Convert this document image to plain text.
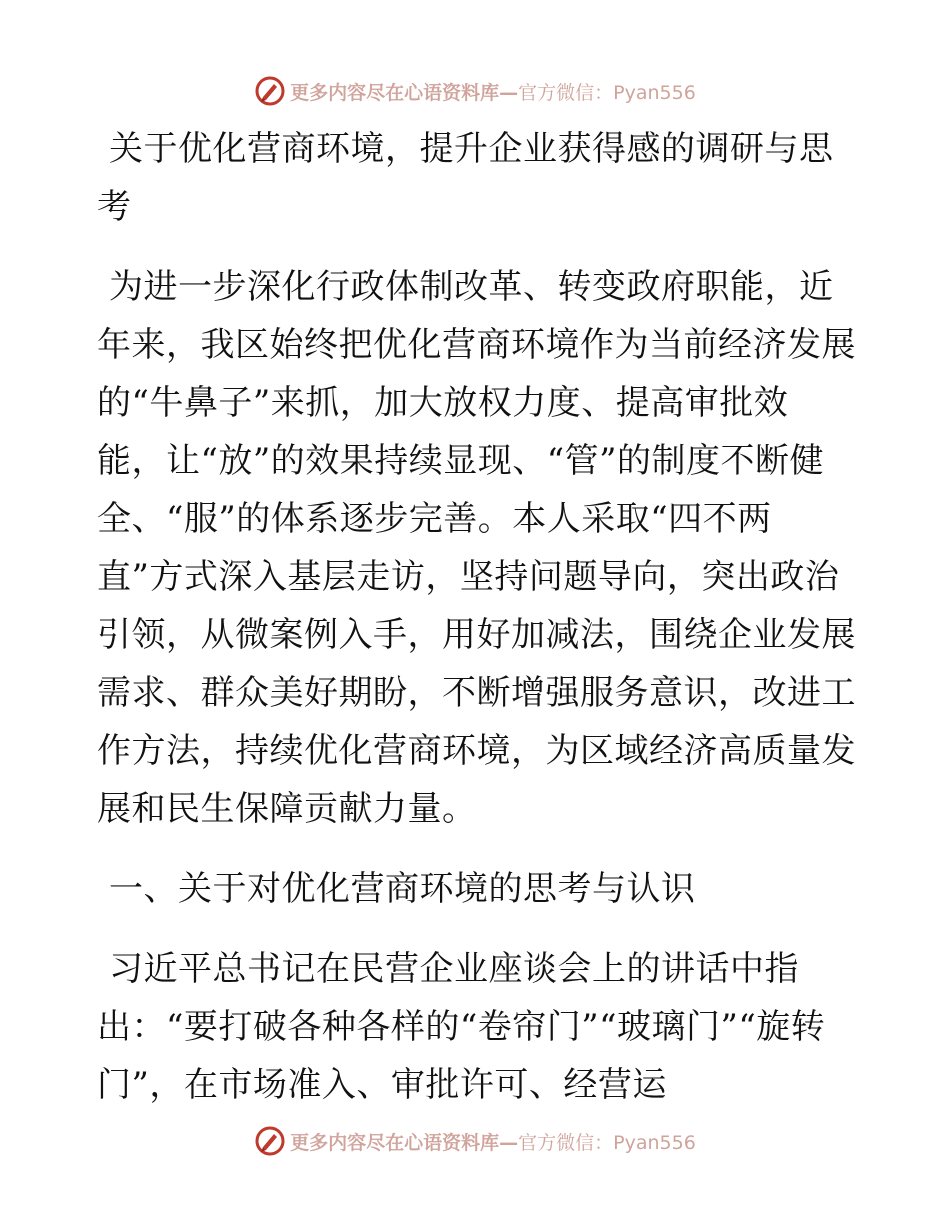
更多内容尽在心语资料库—官方微信：Pyan556

关于优化营商环境，提升企业获得感的调研与思考

为进一步深化行政体制改革、转变政府职能，近年来，我区始终把优化营商环境作为当前经济发展的“牛鼻子”来抓，加大放权力度、提高审批效能，让“放”的效果持续显现、“管”的制度不断健全、“服”的体系逐步完善。本人采取“四不两直”方式深入基层走访，坚持问题导向，突出政治引领，从微案例入手，用好加减法，围绕企业发展需求、群众美好期盼，不断增强服务意识，改进工作方法，持续优化营商环境，为区域经济高质量发展和民生保障贡献力量。

一、关于对优化营商环境的思考与认识

习近平总书记在民营企业座谈会上的讲话中指出：“要打破各种各样的“卷帘门”“玻璃门”“旋转门”，在市场准入、审批许可、经营运

更多内容尽在心语资料库—官方微信：Pyan556
